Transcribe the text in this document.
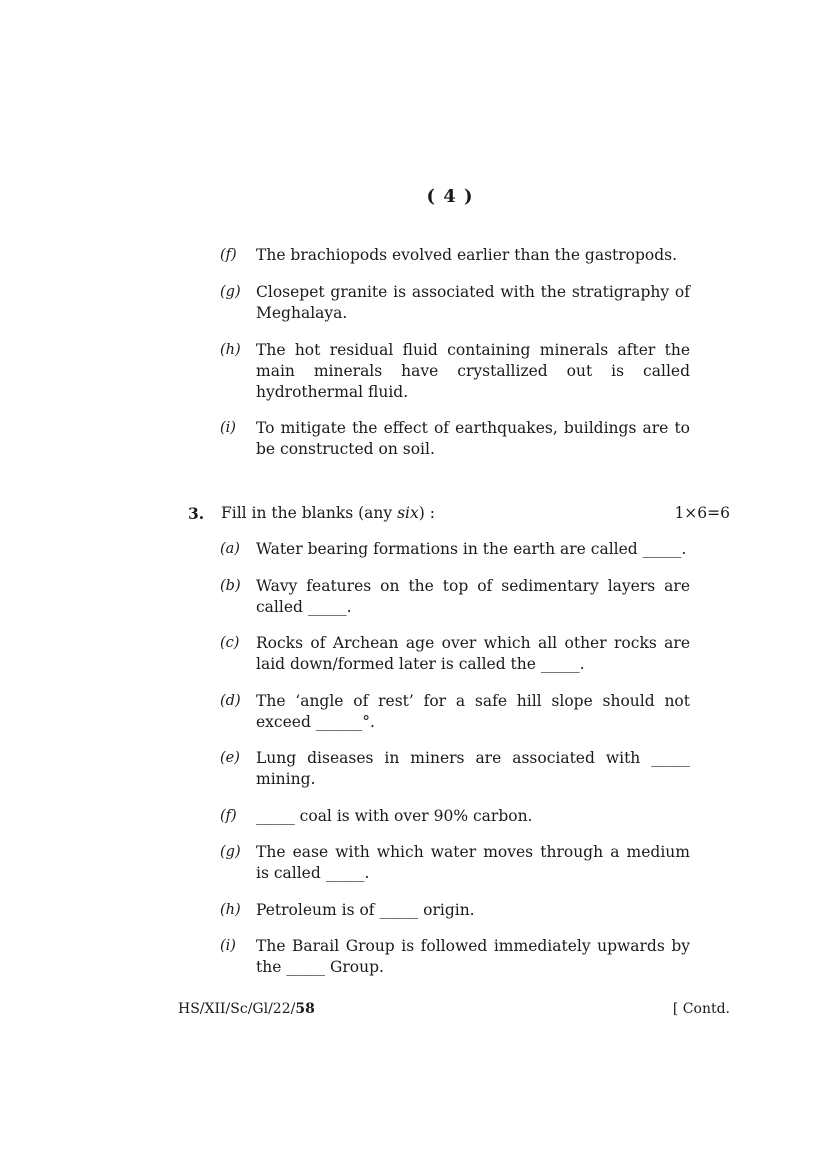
( 4 )
(f) The brachiopods evolved earlier than the gastropods.
(g) Closepet granite is associated with the stratigraphy of Meghalaya.
(h) The hot residual fluid containing minerals after the main minerals have crystallized out is called hydrothermal fluid.
(i) To mitigate the effect of earthquakes, buildings are to be constructed on soil.
3. Fill in the blanks (any six) :	1×6=6
(a) Water bearing formations in the earth are called _____.
(b) Wavy features on the top of sedimentary layers are called _____.
(c) Rocks of Archean age over which all other rocks are laid down/formed later is called the _____.
(d) The ‘angle of rest’ for a safe hill slope should not exceed ______°.
(e) Lung diseases in miners are associated with _____ mining.
(f) _____ coal is with over 90% carbon.
(g) The ease with which water moves through a medium is called _____.
(h) Petroleum is of _____ origin.
(i) The Barail Group is followed immediately upwards by the _____ Group.
HS/XII/Sc/Gl/22/58	[ Contd.
